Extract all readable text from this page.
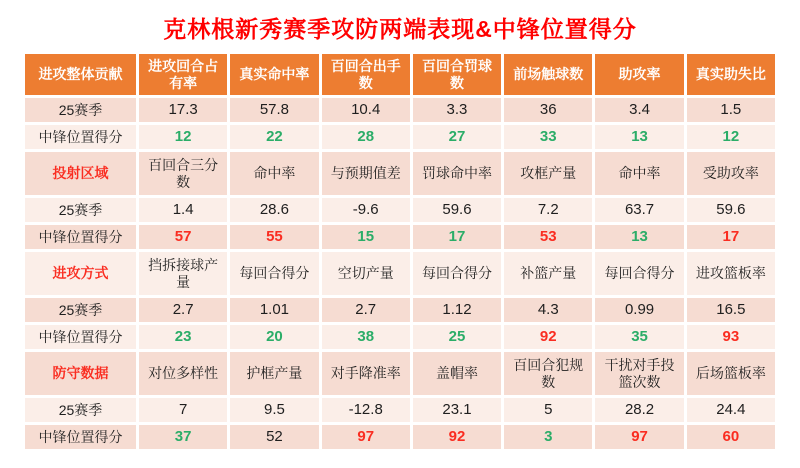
克林根新秀赛季攻防两端表现&中锋位置得分
进攻整体贡献	进攻回合占有率	真实命中率	百回合出手数	百回合罚球数	前场触球数	助攻率	真实助失比
25赛季	17.3	57.8	10.4	3.3	36	3.4	1.5
中锋位置得分	12	22	28	27	33	13	12
投射区域	百回合三分数	命中率	与预期值差	罚球命中率	攻框产量	命中率	受助攻率
25赛季	1.4	28.6	-9.6	59.6	7.2	63.7	59.6
中锋位置得分	57	55	15	17	53	13	17
进攻方式	挡拆接球产量	每回合得分	空切产量	每回合得分	补篮产量	每回合得分	进攻篮板率
25赛季	2.7	1.01	2.7	1.12	4.3	0.99	16.5
中锋位置得分	23	20	38	25	92	35	93
防守数据	对位多样性	护框产量	对手降准率	盖帽率	百回合犯规数	干扰对手投篮次数	后场篮板率
25赛季	7	9.5	-12.8	23.1	5	28.2	24.4
中锋位置得分	37	52	97	92	3	97	60
